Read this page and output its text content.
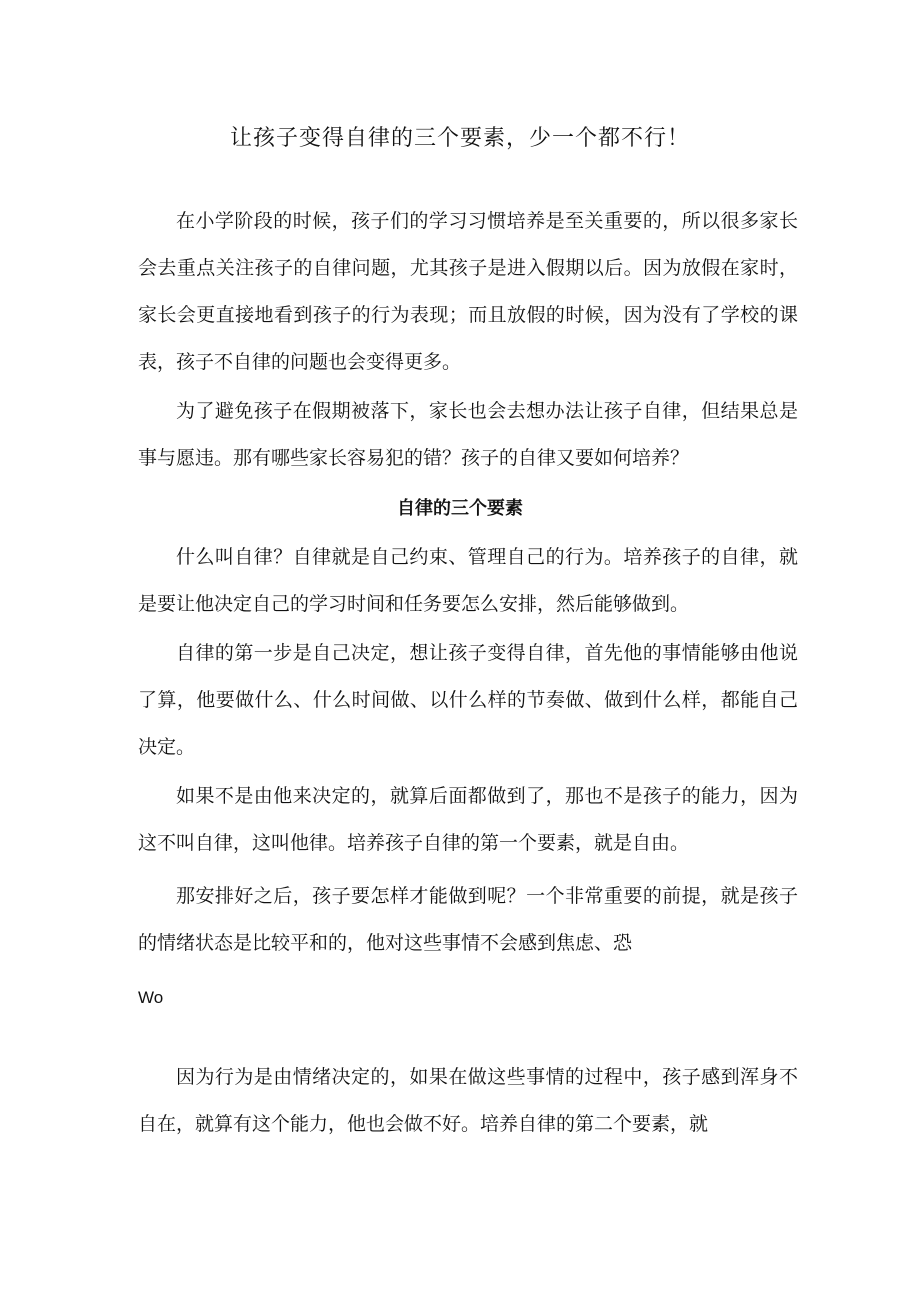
让孩子变得自律的三个要素，少一个都不行！

在小学阶段的时候，孩子们的学习习惯培养是至关重要的，所以很多家长会去重点关注孩子的自律问题，尤其孩子是进入假期以后。因为放假在家时，家长会更直接地看到孩子的行为表现；而且放假的时候，因为没有了学校的课表，孩子不自律的问题也会变得更多。

为了避免孩子在假期被落下，家长也会去想办法让孩子自律，但结果总是事与愿违。那有哪些家长容易犯的错？孩子的自律又要如何培养？

自律的三个要素

什么叫自律？自律就是自己约束、管理自己的行为。培养孩子的自律，就是要让他决定自己的学习时间和任务要怎么安排，然后能够做到。

自律的第一步是自己决定，想让孩子变得自律，首先他的事情能够由他说了算，他要做什么、什么时间做、以什么样的节奏做、做到什么样，都能自己决定。

如果不是由他来决定的，就算后面都做到了，那也不是孩子的能力，因为这不叫自律，这叫他律。培养孩子自律的第一个要素，就是自由。

那安排好之后，孩子要怎样才能做到呢？一个非常重要的前提，就是孩子的情绪状态是比较平和的，他对这些事情不会感到焦虑、恐

Wo

因为行为是由情绪决定的，如果在做这些事情的过程中，孩子感到浑身不自在，就算有这个能力，他也会做不好。培养自律的第二个要素，就
